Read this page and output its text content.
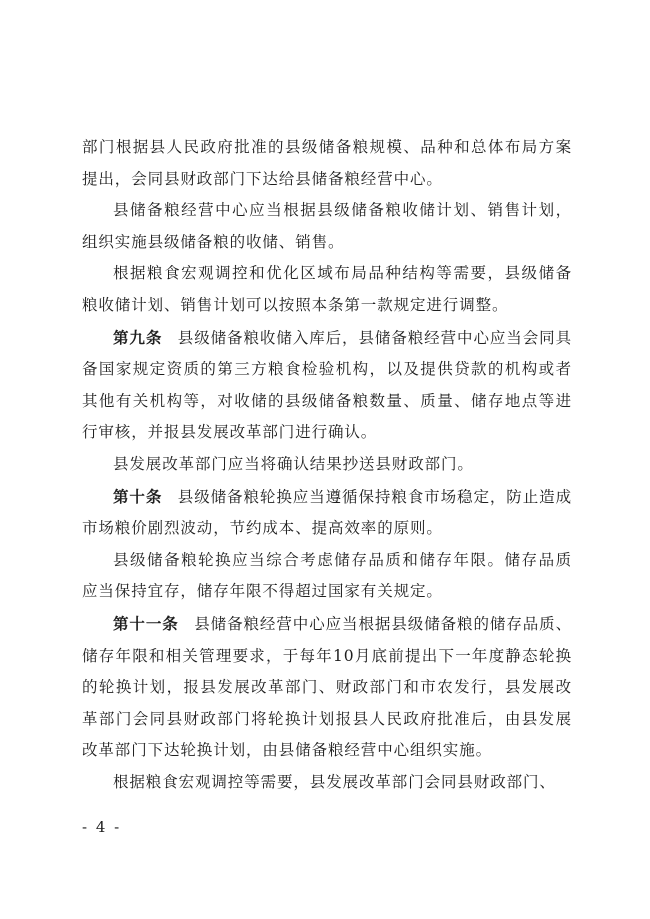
部门根据县人民政府批准的县级储备粮规模、品种和总体布局方案提出，会同县财政部门下达给县储备粮经营中心。

县储备粮经营中心应当根据县级储备粮收储计划、销售计划，组织实施县级储备粮的收储、销售。

根据粮食宏观调控和优化区域布局品种结构等需要，县级储备粮收储计划、销售计划可以按照本条第一款规定进行调整。

第九条 县级储备粮收储入库后，县储备粮经营中心应当会同具备国家规定资质的第三方粮食检验机构，以及提供贷款的机构或者其他有关机构等，对收储的县级储备粮数量、质量、储存地点等进行审核，并报县发展改革部门进行确认。

县发展改革部门应当将确认结果抄送县财政部门。

第十条 县级储备粮轮换应当遵循保持粮食市场稳定，防止造成市场粮价剧烈波动，节约成本、提高效率的原则。

县级储备粮轮换应当综合考虑储存品质和储存年限。储存品质应当保持宜存，储存年限不得超过国家有关规定。

第十一条 县储备粮经营中心应当根据县级储备粮的储存品质、储存年限和相关管理要求，于每年10月底前提出下一年度静态轮换的轮换计划，报县发展改革部门、财政部门和市农发行，县发展改革部门会同县财政部门将轮换计划报县人民政府批准后，由县发展改革部门下达轮换计划，由县储备粮经营中心组织实施。

根据粮食宏观调控等需要，县发展改革部门会同县财政部门、

- 4 -
